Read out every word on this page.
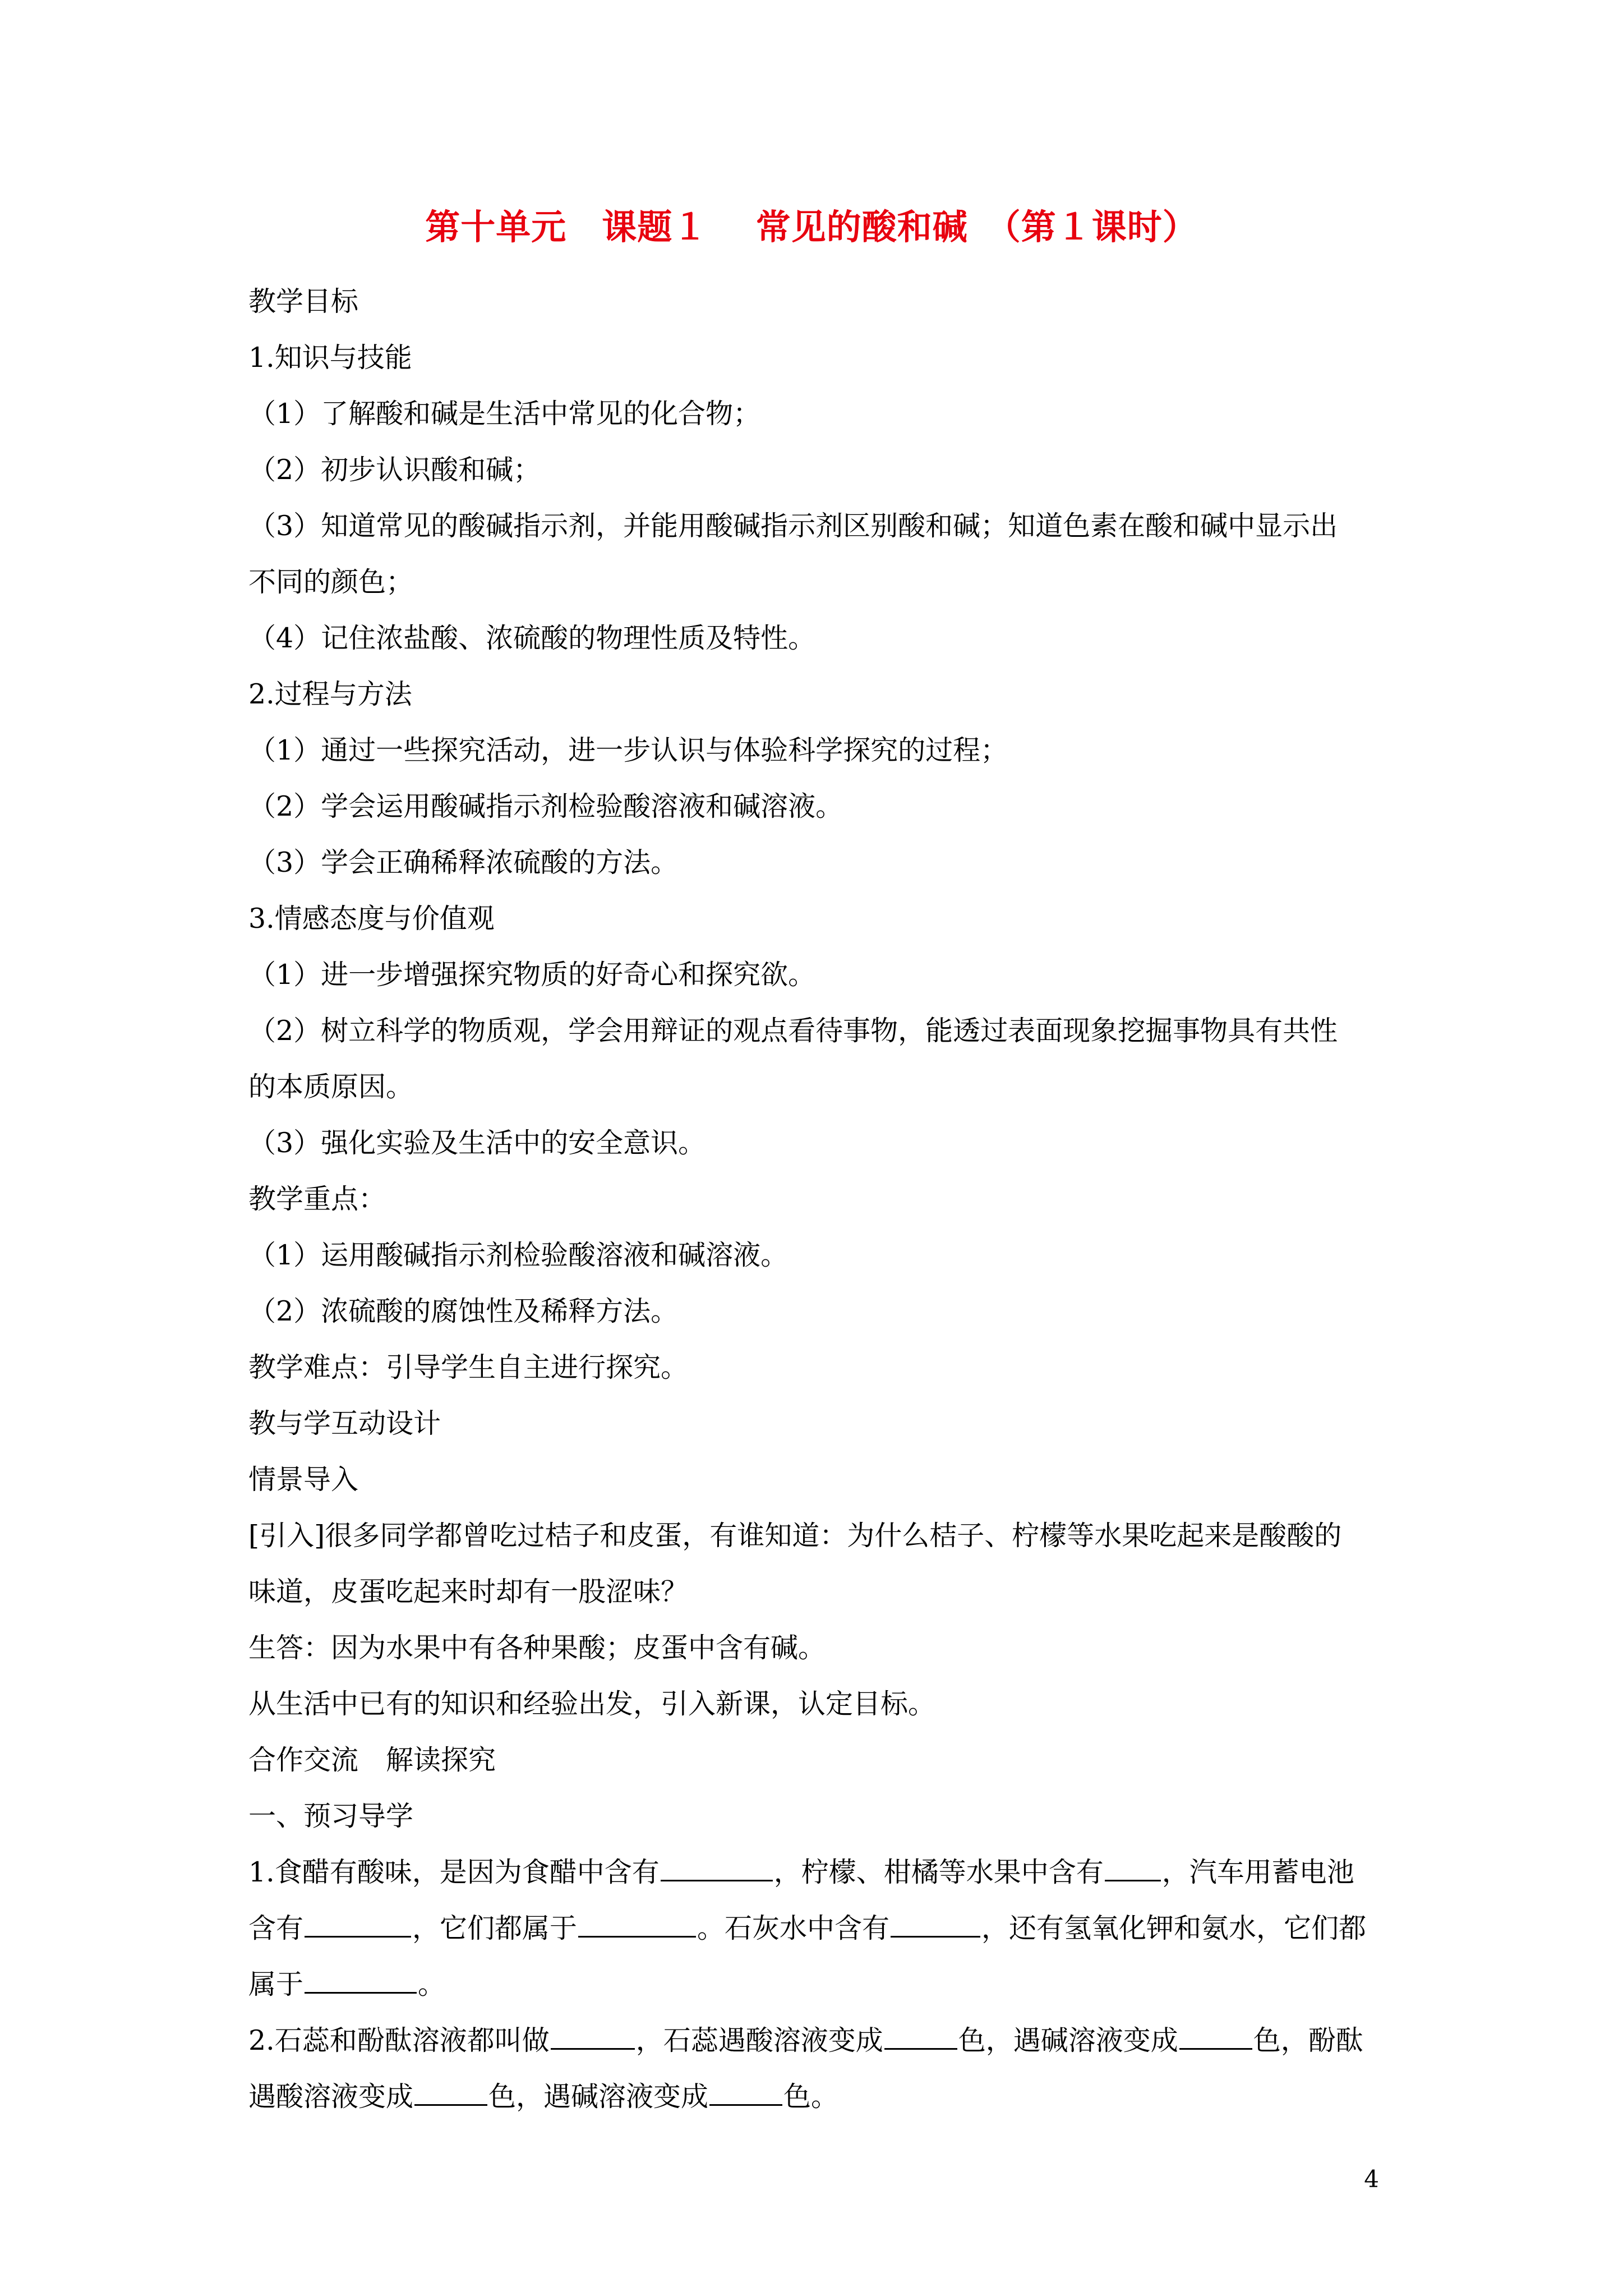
第十单元　课题１　 常见的酸和碱　（第１课时）
教学目标
1.知识与技能
（1）了解酸和碱是生活中常见的化合物；
（2）初步认识酸和碱；
（3）知道常见的酸碱指示剂，并能用酸碱指示剂区别酸和碱；知道色素在酸和碱中显示出
不同的颜色；
（4）记住浓盐酸、浓硫酸的物理性质及特性。
2.过程与方法
（1）通过一些探究活动，进一步认识与体验科学探究的过程；
（2）学会运用酸碱指示剂检验酸溶液和碱溶液。
（3）学会正确稀释浓硫酸的方法。
3.情感态度与价值观
（1）进一步增强探究物质的好奇心和探究欲。
（2）树立科学的物质观，学会用辩证的观点看待事物，能透过表面现象挖掘事物具有共性
的本质原因。
（3）强化实验及生活中的安全意识。
教学重点：
（1）运用酸碱指示剂检验酸溶液和碱溶液。
（2）浓硫酸的腐蚀性及稀释方法。
教学难点：引导学生自主进行探究。
教与学互动设计
情景导入
[引入]很多同学都曾吃过桔子和皮蛋，有谁知道：为什么桔子、柠檬等水果吃起来是酸酸的
味道，皮蛋吃起来时却有一股涩味？
生答：因为水果中有各种果酸；皮蛋中含有碱。
从生活中已有的知识和经验出发，引入新课，认定目标。
合作交流　解读探究
一、预习导学
1.食醋有酸味，是因为食醋中含有	，柠檬、柑橘等水果中含有 ，汽车用蓄电池
含有	，它们都属于	。石灰水中含有	，还有氢氧化钾和氨水，它们都
属于	。
2.石蕊和酚酞溶液都叫做	，石蕊遇酸溶液变成	色，遇碱溶液变成	色，酚酞
遇酸溶液变成	色，遇碱溶液变成	色。
4
